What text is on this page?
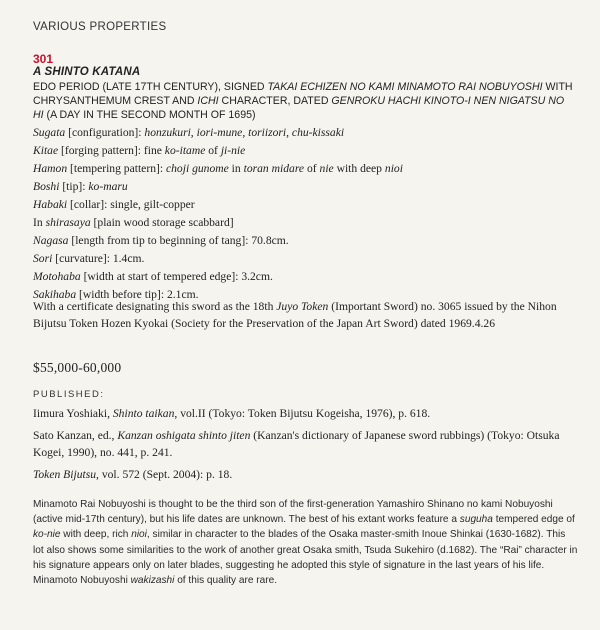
VARIOUS PROPERTIES
301
A SHINTO KATANA
EDO PERIOD (LATE 17TH CENTURY), SIGNED TAKAI ECHIZEN NO KAMI MINAMOTO RAI NOBUYOSHI WITH CHRYSANTHEMUM CREST AND ICHI CHARACTER, DATED GENROKU HACHI KINOTO-I NEN NIGATSU NO HI (A DAY IN THE SECOND MONTH OF 1695)
Sugata [configuration]: honzukuri, iori-mune, toriizori, chu-kissaki
Kitae [forging pattern]: fine ko-itame of ji-nie
Hamon [tempering pattern]: choji gunome in toran midare of nie with deep nioi
Boshi [tip]: ko-maru
Habaki [collar]: single, gilt-copper
In shirasaya [plain wood storage scabbard]
Nagasa [length from tip to beginning of tang]: 70.8cm.
Sori [curvature]: 1.4cm.
Motohaba [width at start of tempered edge]: 3.2cm.
Sakihaba [width before tip]: 2.1cm.
With a certificate designating this sword as the 18th Juyo Token (Important Sword) no. 3065 issued by the Nihon Bijutsu Token Hozen Kyokai (Society for the Preservation of the Japan Art Sword) dated 1969.4.26
$55,000-60,000
PUBLISHED:
Iimura Yoshiaki, Shinto taikan, vol.II (Tokyo: Token Bijutsu Kogeisha, 1976), p. 618.
Sato Kanzan, ed., Kanzan oshigata shinto jiten (Kanzan's dictionary of Japanese sword rubbings) (Tokyo: Otsuka Kogei, 1990), no. 441, p. 241.
Token Bijutsu, vol. 572 (Sept. 2004): p. 18.
Minamoto Rai Nobuyoshi is thought to be the third son of the first-generation Yamashiro Shinano no kami Nobuyoshi (active mid-17th century), but his life dates are unknown. The best of his extant works feature a suguha tempered edge of ko-nie with deep, rich nioi, similar in character to the blades of the Osaka master-smith Inoue Shinkai (1630-1682). This lot also shows some similarities to the work of another great Osaka smith, Tsuda Sukehiro (d.1682). The “Rai” character in his signature appears only on later blades, suggesting he adopted this style of signature in the last years of his life. Minamoto Nobuyoshi wakizashi of this quality are rare.
